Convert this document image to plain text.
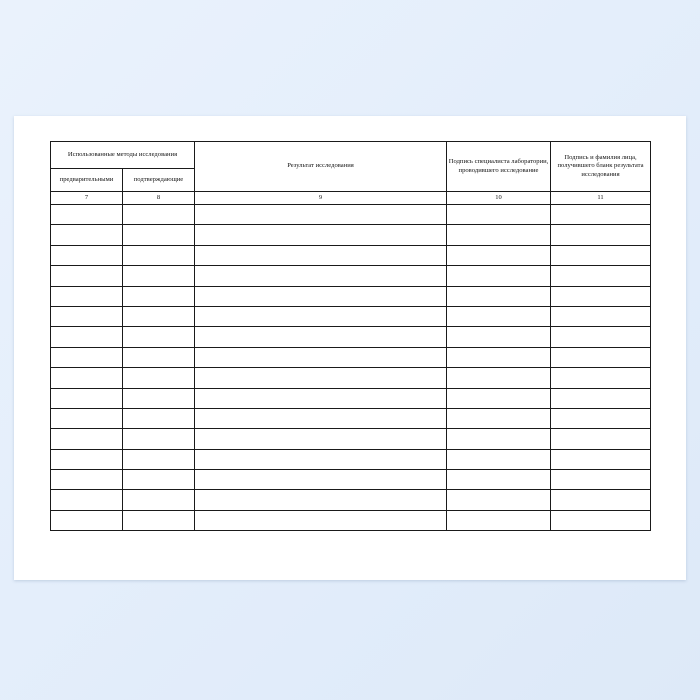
Использованные методы исследования		Результат исследования	Подпись специалиста лаборатории, проводившего исследование	Подпись и фамилия лица, получившего бланк результата исследования
предварительными	подтверждающие			
7	8	9	10	11
